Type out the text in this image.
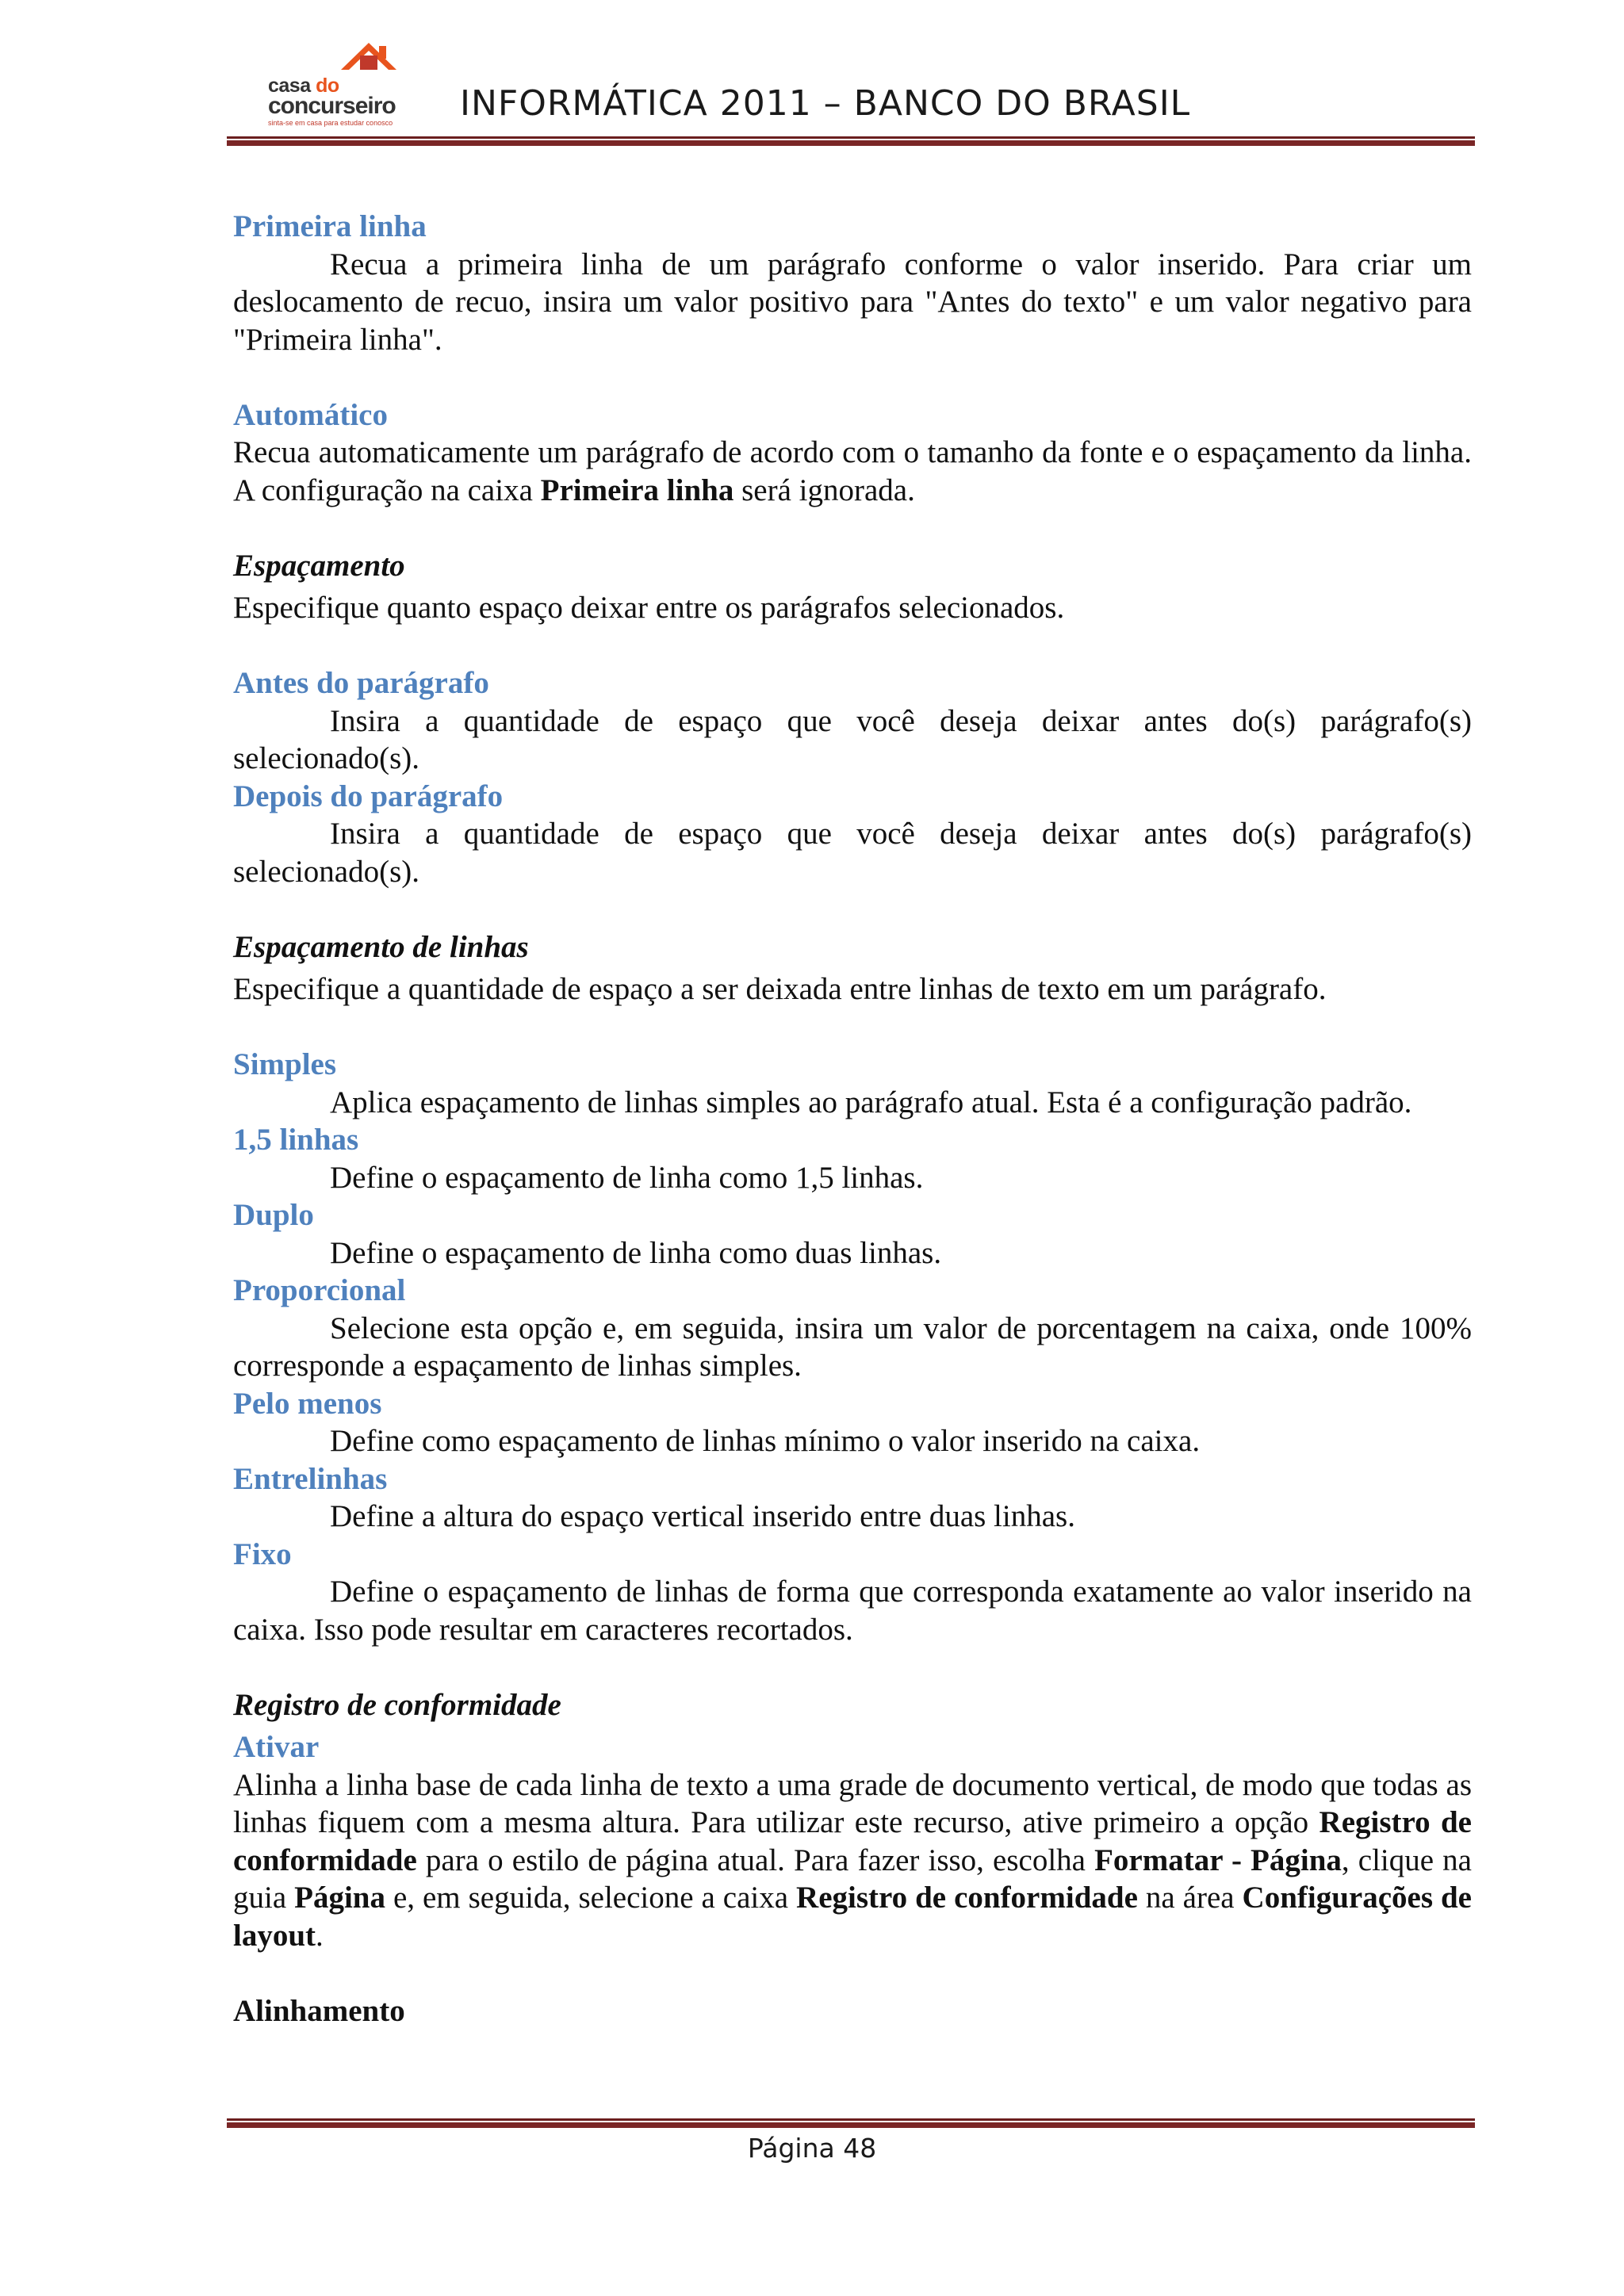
casa do
concurseiro
sinta-se em casa para estudar conosco INFORMÁTICA 2011 – BANCO DO BRASIL
Primeira linha

Recua a primeira linha de um parágrafo conforme o valor inserido. Para criar um deslocamento de recuo, insira um valor positivo para "Antes do texto" e um valor negativo para "Primeira linha".

Automático

Recua automaticamente um parágrafo de acordo com o tamanho da fonte e o espaçamento da linha. A configuração na caixa Primeira linha será ignorada.

Espaçamento

Especifique quanto espaço deixar entre os parágrafos selecionados.

Antes do parágrafo

Insira a quantidade de espaço que você deseja deixar antes do(s) parágrafo(s) selecionado(s).

Depois do parágrafo

Insira a quantidade de espaço que você deseja deixar antes do(s) parágrafo(s) selecionado(s).

Espaçamento de linhas

Especifique a quantidade de espaço a ser deixada entre linhas de texto em um parágrafo.

Simples

Aplica espaçamento de linhas simples ao parágrafo atual. Esta é a configuração padrão.

1,5 linhas

Define o espaçamento de linha como 1,5 linhas.

Duplo

Define o espaçamento de linha como duas linhas.

Proporcional

Selecione esta opção e, em seguida, insira um valor de porcentagem na caixa, onde 100% corresponde a espaçamento de linhas simples.

Pelo menos

Define como espaçamento de linhas mínimo o valor inserido na caixa.

Entrelinhas

Define a altura do espaço vertical inserido entre duas linhas.

Fixo

Define o espaçamento de linhas de forma que corresponda exatamente ao valor inserido na caixa. Isso pode resultar em caracteres recortados.

Registro de conformidade
Ativar

Alinha a linha base de cada linha de texto a uma grade de documento vertical, de modo que todas as linhas fiquem com a mesma altura. Para utilizar este recurso, ative primeiro a opção Registro de conformidade para o estilo de página atual. Para fazer isso, escolha Formatar - Página, clique na guia Página e, em seguida, selecione a caixa Registro de conformidade na área Configurações de layout.

Alinhamento
Página 48
